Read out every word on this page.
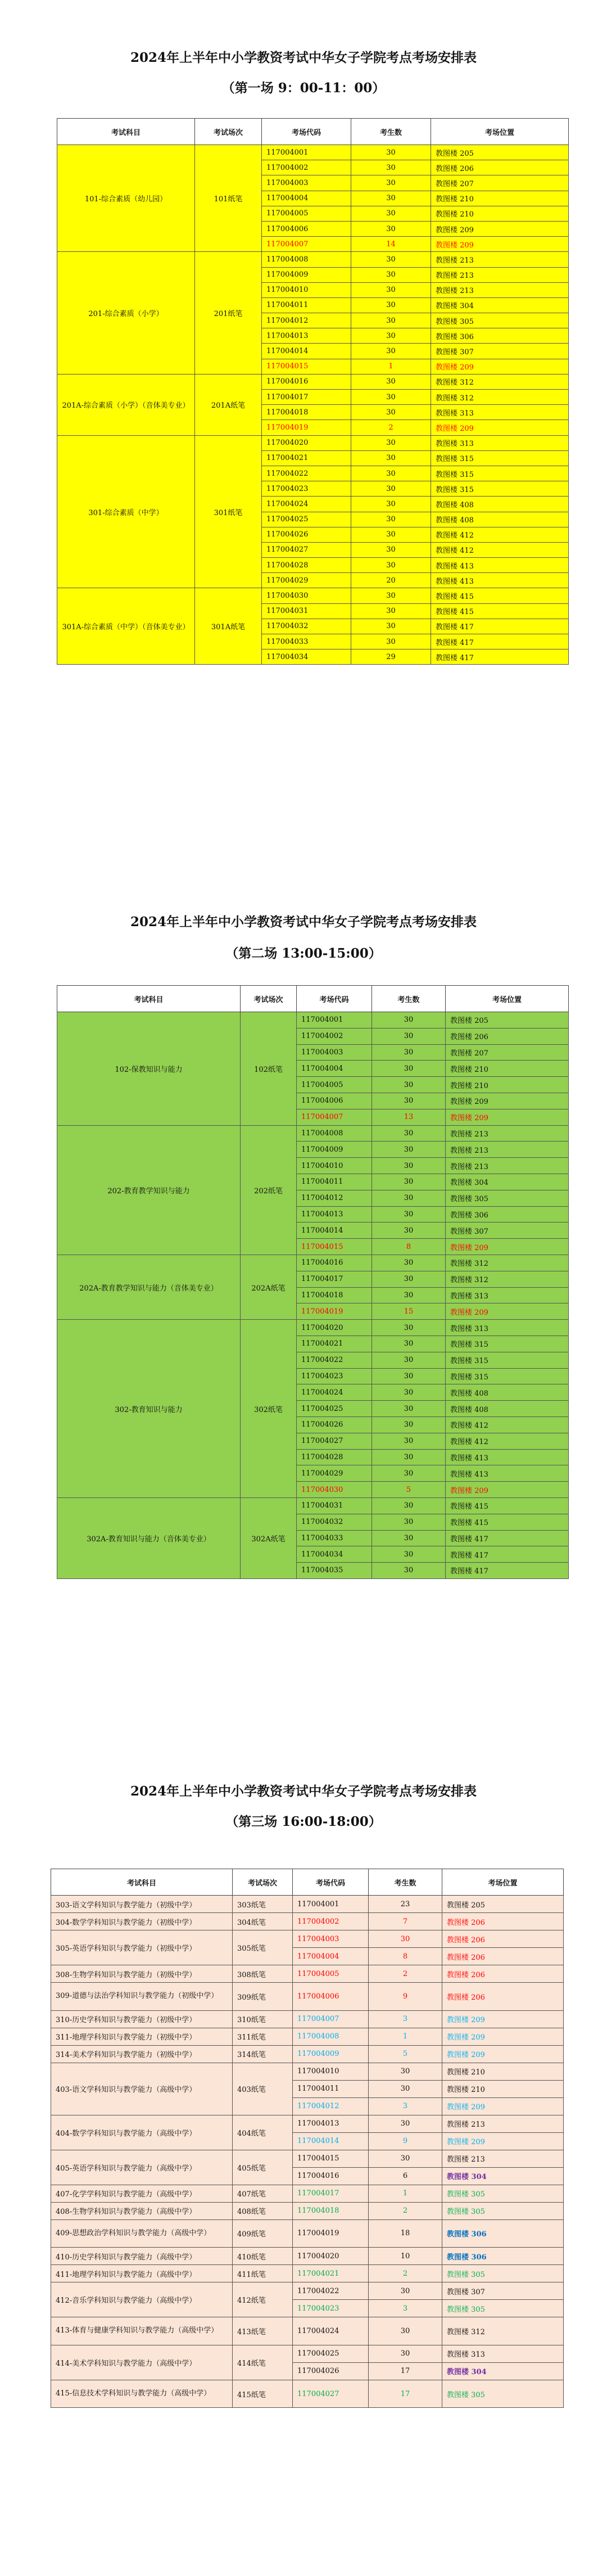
2024年上半年中小学教资考试中华女子学院考点考场安排表
（第一场 9：00-11：00）
考试科目	考试场次	考场代码	考生数	考场位置
101-综合素质（幼儿园）	101纸笔	117004001	30	教图楼 205
		117004002	30	教图楼 206
		117004003	30	教图楼 207
		117004004	30	教图楼 210
		117004005	30	教图楼 210
		117004006	30	教图楼 209
		117004007	14	教图楼 209
201-综合素质（小学）	201纸笔	117004008	30	教图楼 213
		117004009	30	教图楼 213
		117004010	30	教图楼 213
		117004011	30	教图楼 304
		117004012	30	教图楼 305
		117004013	30	教图楼 306
		117004014	30	教图楼 307
		117004015	1	教图楼 209
201A-综合素质（小学）（音体美专业）	201A纸笔	117004016	30	教图楼 312
		117004017	30	教图楼 312
		117004018	30	教图楼 313
		117004019	2	教图楼 209
301-综合素质（中学）	301纸笔	117004020	30	教图楼 313
		117004021	30	教图楼 315
		117004022	30	教图楼 315
		117004023	30	教图楼 315
		117004024	30	教图楼 408
		117004025	30	教图楼 408
		117004026	30	教图楼 412
		117004027	30	教图楼 412
		117004028	30	教图楼 413
		117004029	20	教图楼 413
301A-综合素质（中学）（音体美专业）	301A纸笔	117004030	30	教图楼 415
		117004031	30	教图楼 415
		117004032	30	教图楼 417
		117004033	30	教图楼 417
		117004034	29	教图楼 417
2024年上半年中小学教资考试中华女子学院考点考场安排表
（第二场 13:00-15:00）
考试科目	考试场次	考场代码	考生数	考场位置
102-保教知识与能力	102纸笔	117004001	30	教图楼 205
		117004002	30	教图楼 206
		117004003	30	教图楼 207
		117004004	30	教图楼 210
		117004005	30	教图楼 210
		117004006	30	教图楼 209
		117004007	13	教图楼 209
202-教育教学知识与能力	202纸笔	117004008	30	教图楼 213
		117004009	30	教图楼 213
		117004010	30	教图楼 213
		117004011	30	教图楼 304
		117004012	30	教图楼 305
		117004013	30	教图楼 306
		117004014	30	教图楼 307
		117004015	8	教图楼 209
202A-教育教学知识与能力（音体美专业）	202A纸笔	117004016	30	教图楼 312
		117004017	30	教图楼 312
		117004018	30	教图楼 313
		117004019	15	教图楼 209
302-教育知识与能力	302纸笔	117004020	30	教图楼 313
		117004021	30	教图楼 315
		117004022	30	教图楼 315
		117004023	30	教图楼 315
		117004024	30	教图楼 408
		117004025	30	教图楼 408
		117004026	30	教图楼 412
		117004027	30	教图楼 412
		117004028	30	教图楼 413
		117004029	30	教图楼 413
		117004030	5	教图楼 209
302A-教育知识与能力（音体美专业）	302A纸笔	117004031	30	教图楼 415
		117004032	30	教图楼 415
		117004033	30	教图楼 417
		117004034	30	教图楼 417
		117004035	30	教图楼 417
2024年上半年中小学教资考试中华女子学院考点考场安排表
（第三场 16:00-18:00）
考试科目	考试场次	考场代码	考生数	考场位置
303-语文学科知识与教学能力（初级中学）	303纸笔	117004001	23	教图楼 205
304-数学学科知识与教学能力（初级中学）	304纸笔	117004002	7	教图楼 206
305-英语学科知识与教学能力（初级中学）	305纸笔	117004003	30	教图楼 206
		117004004	8	教图楼 206
308-生物学科知识与教学能力（初级中学）	308纸笔	117004005	2	教图楼 206
309-道德与法治学科知识与教学能力（初级中学）	309纸笔	117004006	9	教图楼 206
310-历史学科知识与教学能力（初级中学）	310纸笔	117004007	3	教图楼 209
311-地理学科知识与教学能力（初级中学）	311纸笔	117004008	1	教图楼 209
314-美术学科知识与教学能力（初级中学）	314纸笔	117004009	5	教图楼 209
403-语文学科知识与教学能力（高级中学）	403纸笔	117004010	30	教图楼 210
		117004011	30	教图楼 210
		117004012	3	教图楼 209
404-数学学科知识与教学能力（高级中学）	404纸笔	117004013	30	教图楼 213
		117004014	9	教图楼 209
405-英语学科知识与教学能力（高级中学）	405纸笔	117004015	30	教图楼 213
		117004016	6	教图楼 304
407-化学学科知识与教学能力（高级中学）	407纸笔	117004017	1	教图楼 305
408-生物学科知识与教学能力（高级中学）	408纸笔	117004018	2	教图楼 305
409-思想政治学科知识与教学能力（高级中学）	409纸笔	117004019	18	教图楼 306
410-历史学科知识与教学能力（高级中学）	410纸笔	117004020	10	教图楼 306
411-地理学科知识与教学能力（高级中学）	411纸笔	117004021	2	教图楼 305
412-音乐学科知识与教学能力（高级中学）	412纸笔	117004022	30	教图楼 307
		117004023	3	教图楼 305
413-体育与健康学科知识与教学能力（高级中学）	413纸笔	117004024	30	教图楼 312
414-美术学科知识与教学能力（高级中学）	414纸笔	117004025	30	教图楼 313
		117004026	17	教图楼 304
415-信息技术学科知识与教学能力（高级中学）	415纸笔	117004027	17	教图楼 305
